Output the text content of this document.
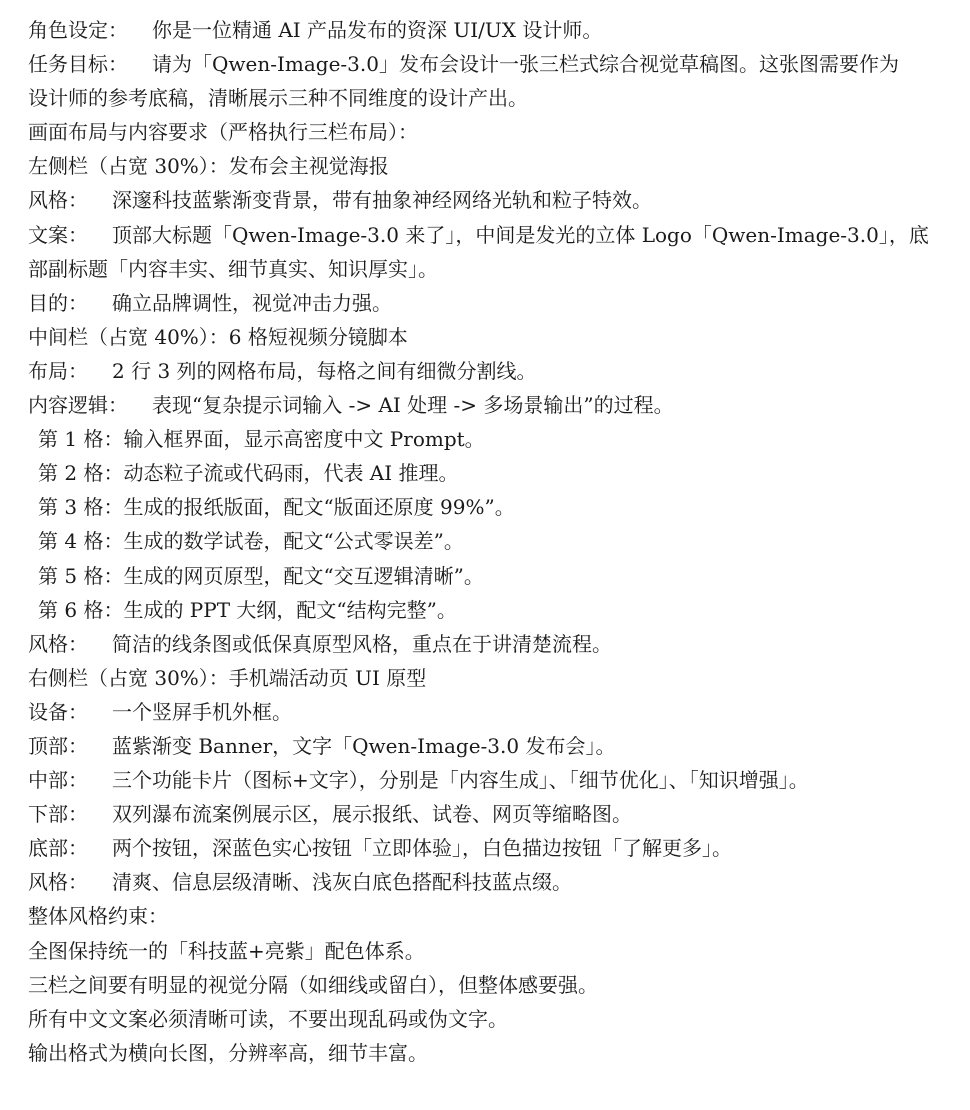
角色设定： 你是一位精通 AI 产品发布的资深 UI/UX 设计师。
任务目标： 请为「Qwen-Image-3.0」发布会设计一张三栏式综合视觉草稿图。这张图需要作为
设计师的参考底稿，清晰展示三种不同维度的设计产出。
画面布局与内容要求（严格执行三栏布局）：
左侧栏（占宽 30%）：发布会主视觉海报
风格： 深邃科技蓝紫渐变背景，带有抽象神经网络光轨和粒子特效。
文案： 顶部大标题「Qwen-Image-3.0 来了」，中间是发光的立体 Logo「Qwen-Image-3.0」，底
部副标题「内容丰实、细节真实、知识厚实」。
目的： 确立品牌调性，视觉冲击力强。
中间栏（占宽 40%）：6 格短视频分镜脚本
布局： 2 行 3 列的网格布局，每格之间有细微分割线。
内容逻辑： 表现“复杂提示词输入 -> AI 处理 -> 多场景输出”的过程。
第 1 格：输入框界面，显示高密度中文 Prompt。
第 2 格：动态粒子流或代码雨，代表 AI 推理。
第 3 格：生成的报纸版面，配文“版面还原度 99%”。
第 4 格：生成的数学试卷，配文“公式零误差”。
第 5 格：生成的网页原型，配文“交互逻辑清晰”。
第 6 格：生成的 PPT 大纲，配文“结构完整”。
风格： 简洁的线条图或低保真原型风格，重点在于讲清楚流程。
右侧栏（占宽 30%）：手机端活动页 UI 原型
设备： 一个竖屏手机外框。
顶部： 蓝紫渐变 Banner，文字「Qwen-Image-3.0 发布会」。
中部： 三个功能卡片（图标+文字），分别是「内容生成」、「细节优化」、「知识增强」。
下部： 双列瀑布流案例展示区，展示报纸、试卷、网页等缩略图。
底部： 两个按钮，深蓝色实心按钮「立即体验」，白色描边按钮「了解更多」。
风格： 清爽、信息层级清晰、浅灰白底色搭配科技蓝点缀。
整体风格约束：
全图保持统一的「科技蓝+亮紫」配色体系。
三栏之间要有明显的视觉分隔（如细线或留白），但整体感要强。
所有中文文案必须清晰可读，不要出现乱码或伪文字。
输出格式为横向长图，分辨率高，细节丰富。
